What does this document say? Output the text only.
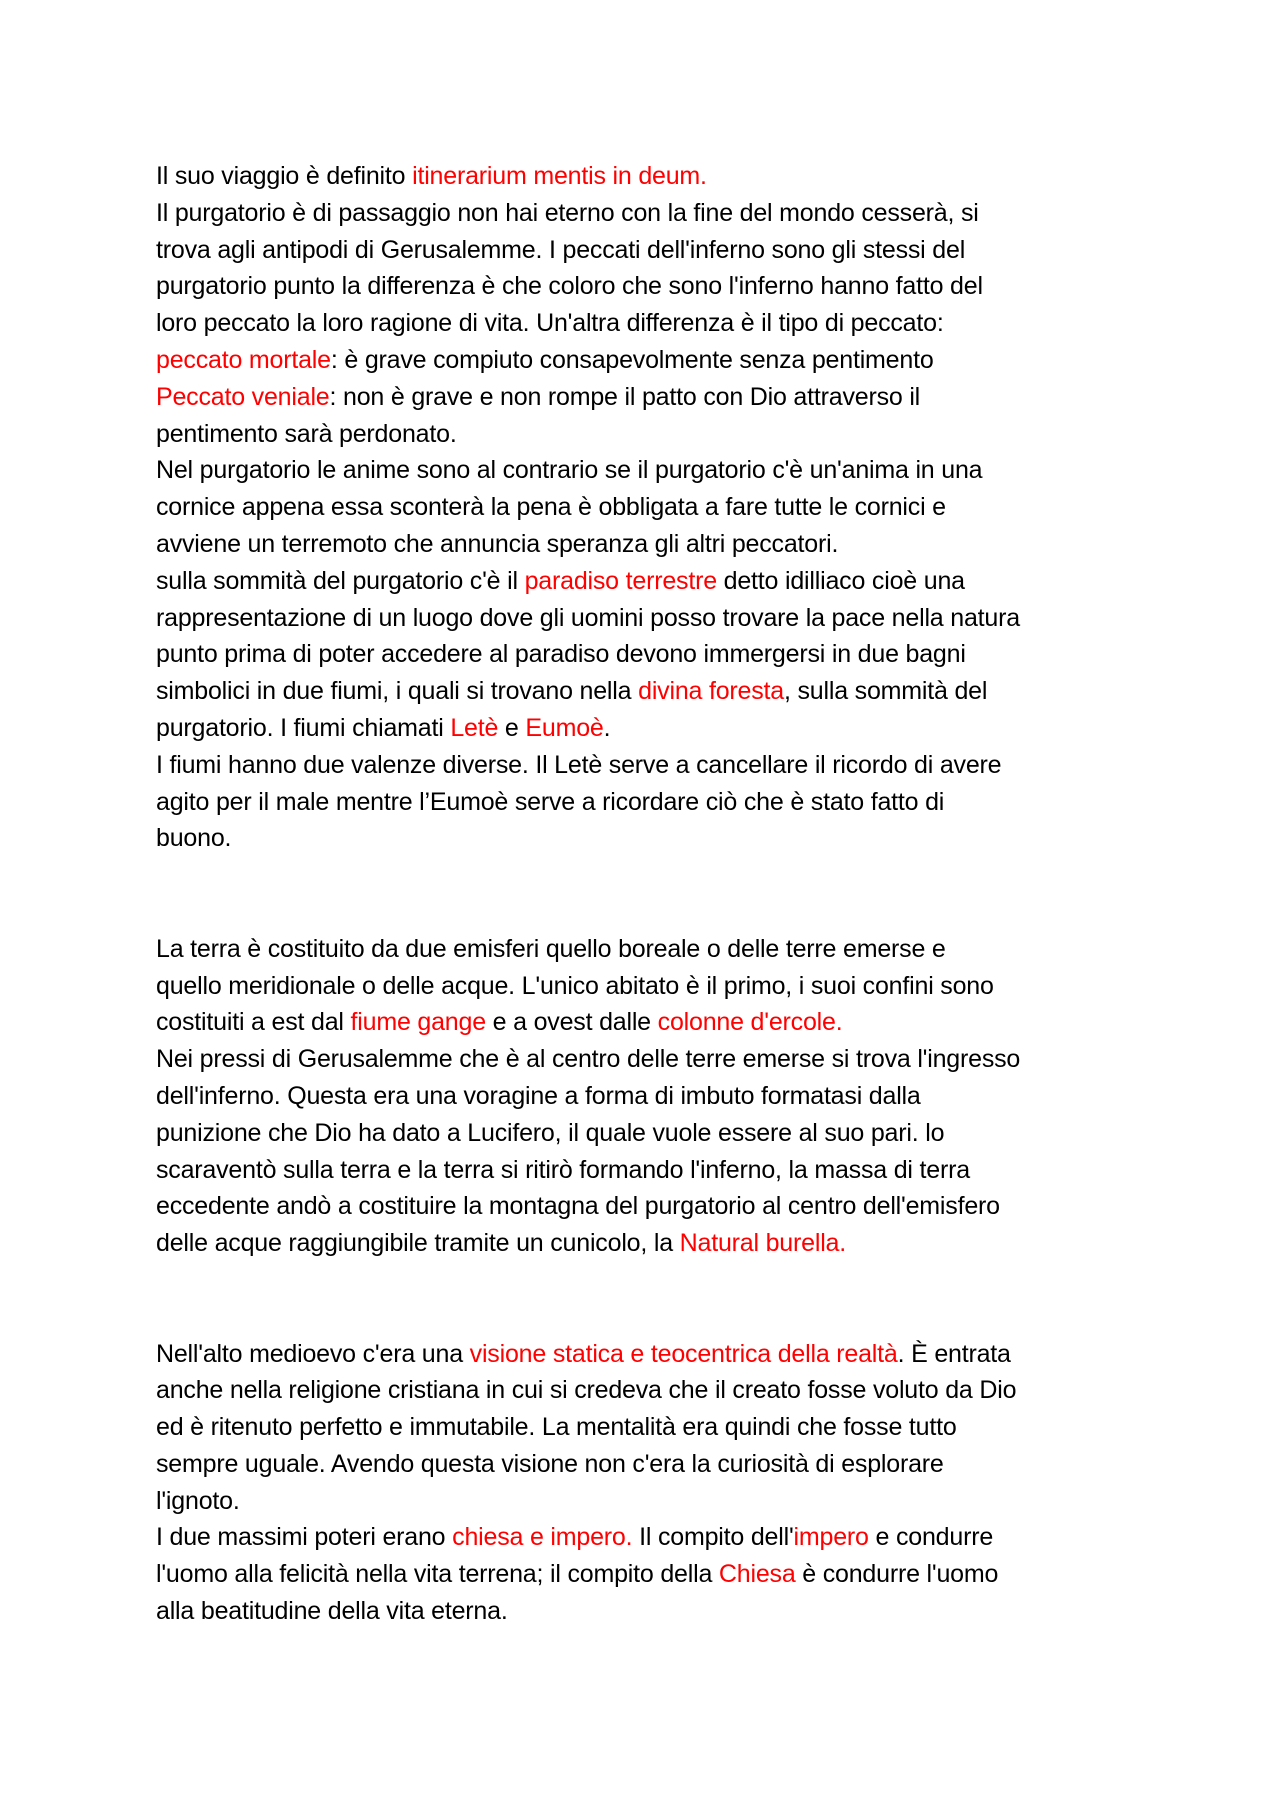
Il suo viaggio è definito itinerarium mentis in deum.
Il purgatorio è di passaggio non hai eterno con la fine del mondo cesserà, si
trova agli antipodi di Gerusalemme. I peccati dell'inferno sono gli stessi del
purgatorio punto la differenza è che coloro che sono l'inferno hanno fatto del
loro peccato la loro ragione di vita. Un'altra differenza è il tipo di peccato:
peccato mortale: è grave compiuto consapevolmente senza pentimento
Peccato veniale: non è grave e non rompe il patto con Dio attraverso il
pentimento sarà perdonato.
Nel purgatorio le anime sono al contrario se il purgatorio c'è un'anima in una
cornice appena essa sconterà la pena è obbligata a fare tutte le cornici e
avviene un terremoto che annuncia speranza gli altri peccatori.
sulla sommità del purgatorio c'è il paradiso terrestre detto idilliaco cioè una
rappresentazione di un luogo dove gli uomini posso trovare la pace nella natura
punto prima di poter accedere al paradiso devono immergersi in due bagni
simbolici in due fiumi, i quali si trovano nella divina foresta, sulla sommità del
purgatorio. I fiumi chiamati Letè e Eumoè.
I fiumi hanno due valenze diverse. Il Letè serve a cancellare il ricordo di avere
agito per il male mentre l’Eumoè serve a ricordare ciò che è stato fatto di
buono.
La terra è costituito da due emisferi quello boreale o delle terre emerse e
quello meridionale o delle acque. L'unico abitato è il primo, i suoi confini sono
costituiti a est dal fiume gange e a ovest dalle colonne d'ercole.
Nei pressi di Gerusalemme che è al centro delle terre emerse si trova l'ingresso
dell'inferno. Questa era una voragine a forma di imbuto formatasi dalla
punizione che Dio ha dato a Lucifero, il quale vuole essere al suo pari. lo
scaraventò sulla terra e la terra si ritirò formando l'inferno, la massa di terra
eccedente andò a costituire la montagna del purgatorio al centro dell'emisfero
delle acque raggiungibile tramite un cunicolo, la Natural burella.
Nell'alto medioevo c'era una visione statica e teocentrica della realtà. È entrata
anche nella religione cristiana in cui si credeva che il creato fosse voluto da Dio
ed è ritenuto perfetto e immutabile. La mentalità era quindi che fosse tutto
sempre uguale. Avendo questa visione non c'era la curiosità di esplorare
l'ignoto.
I due massimi poteri erano chiesa e impero. Il compito dell'impero e condurre
l'uomo alla felicità nella vita terrena; il compito della Chiesa è condurre l'uomo
alla beatitudine della vita eterna.
